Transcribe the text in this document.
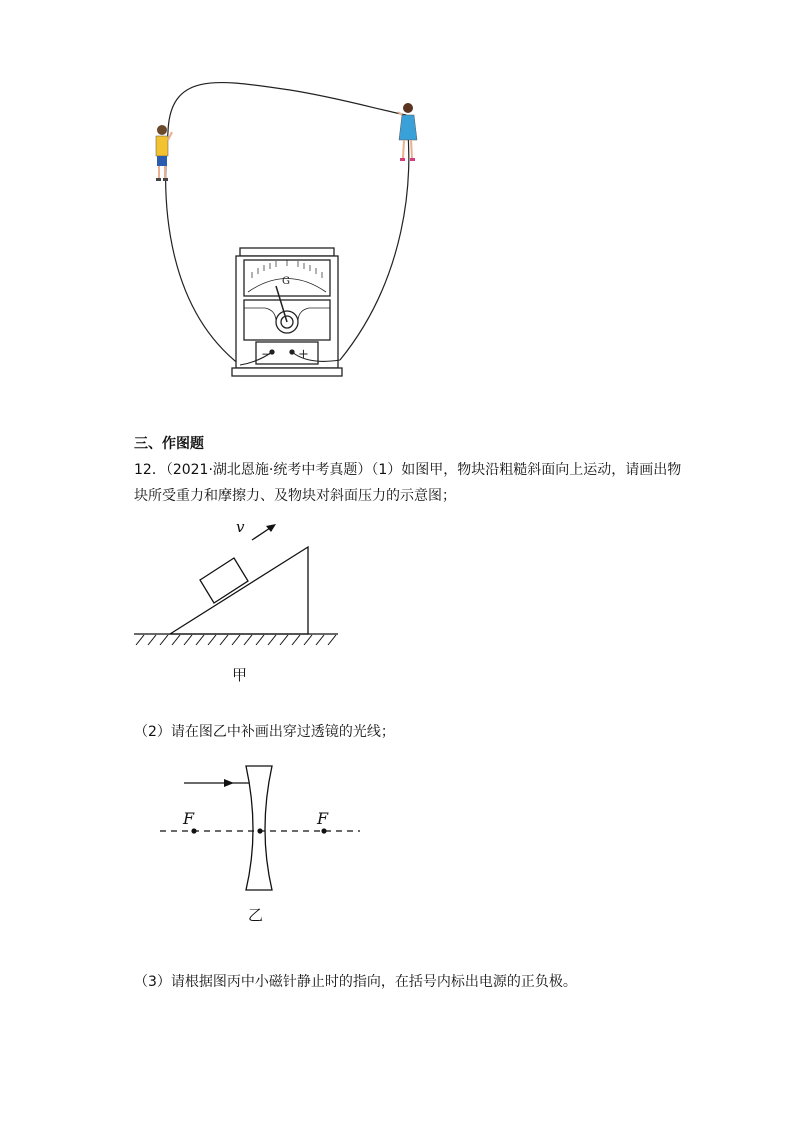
G
− +
三、作图题
12．（2021·湖北恩施·统考中考真题）（1）如图甲，物块沿粗糙斜面向上运动，请画出物
块所受重力和摩擦力、及物块对斜面压力的示意图；
v
甲
（2）请在图乙中补画出穿过透镜的光线；
F	F
乙
（3）请根据图丙中小磁针静止时的指向，在括号内标出电源的正负极。
